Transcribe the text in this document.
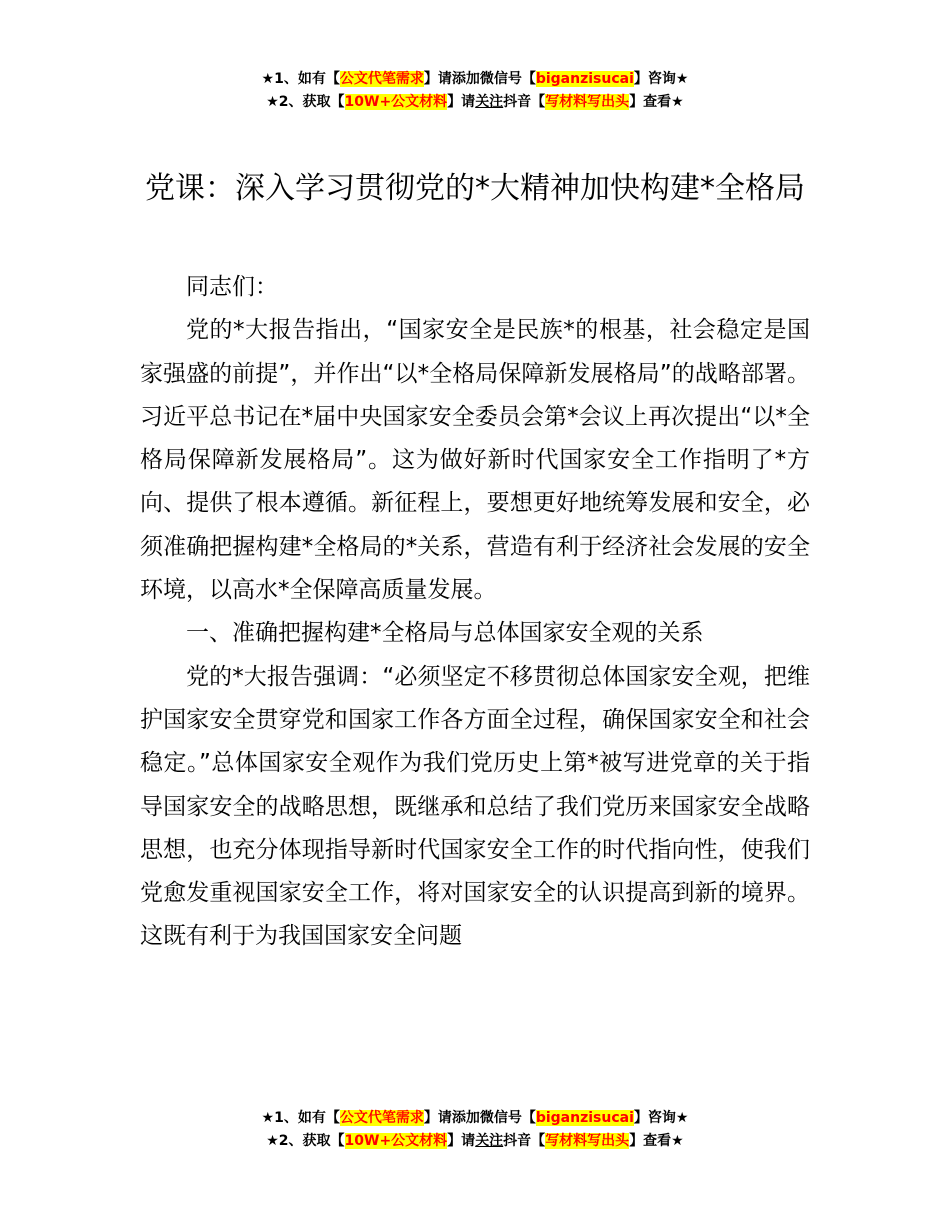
★1、如有【公文代笔需求】请添加微信号【biganzisucai】咨询★
★2、获取【10W+公文材料】请关注抖音【写材料写出头】查看★
党课：深入学习贯彻党的*大精神加快构建*全格局

同志们：

党的*大报告指出，“国家安全是民族*的根基，社会稳定是国家强盛的前提”，并作出“以*全格局保障新发展格局”的战略部署。习近平总书记在*届中央国家安全委员会第*会议上再次提出“以*全格局保障新发展格局”。这为做好新时代国家安全工作指明了*方向、提供了根本遵循。新征程上，要想更好地统筹发展和安全，必须准确把握构建*全格局的*关系，营造有利于经济社会发展的安全环境，以高水*全保障高质量发展。

一、准确把握构建*全格局与总体国家安全观的关系

党的*大报告强调：“必须坚定不移贯彻总体国家安全观，把维护国家安全贯穿党和国家工作各方面全过程，确保国家安全和社会稳定。”总体国家安全观作为我们党历史上第*被写进党章的关于指导国家安全的战略思想，既继承和总结了我们党历来国家安全战略思想，也充分体现指导新时代国家安全工作的时代指向性，使我们党愈发重视国家安全工作，将对国家安全的认识提高到新的境界。这既有利于为我国国家安全问题

★1、如有【公文代笔需求】请添加微信号【biganzisucai】咨询★
★2、获取【10W+公文材料】请关注抖音【写材料写出头】查看★
